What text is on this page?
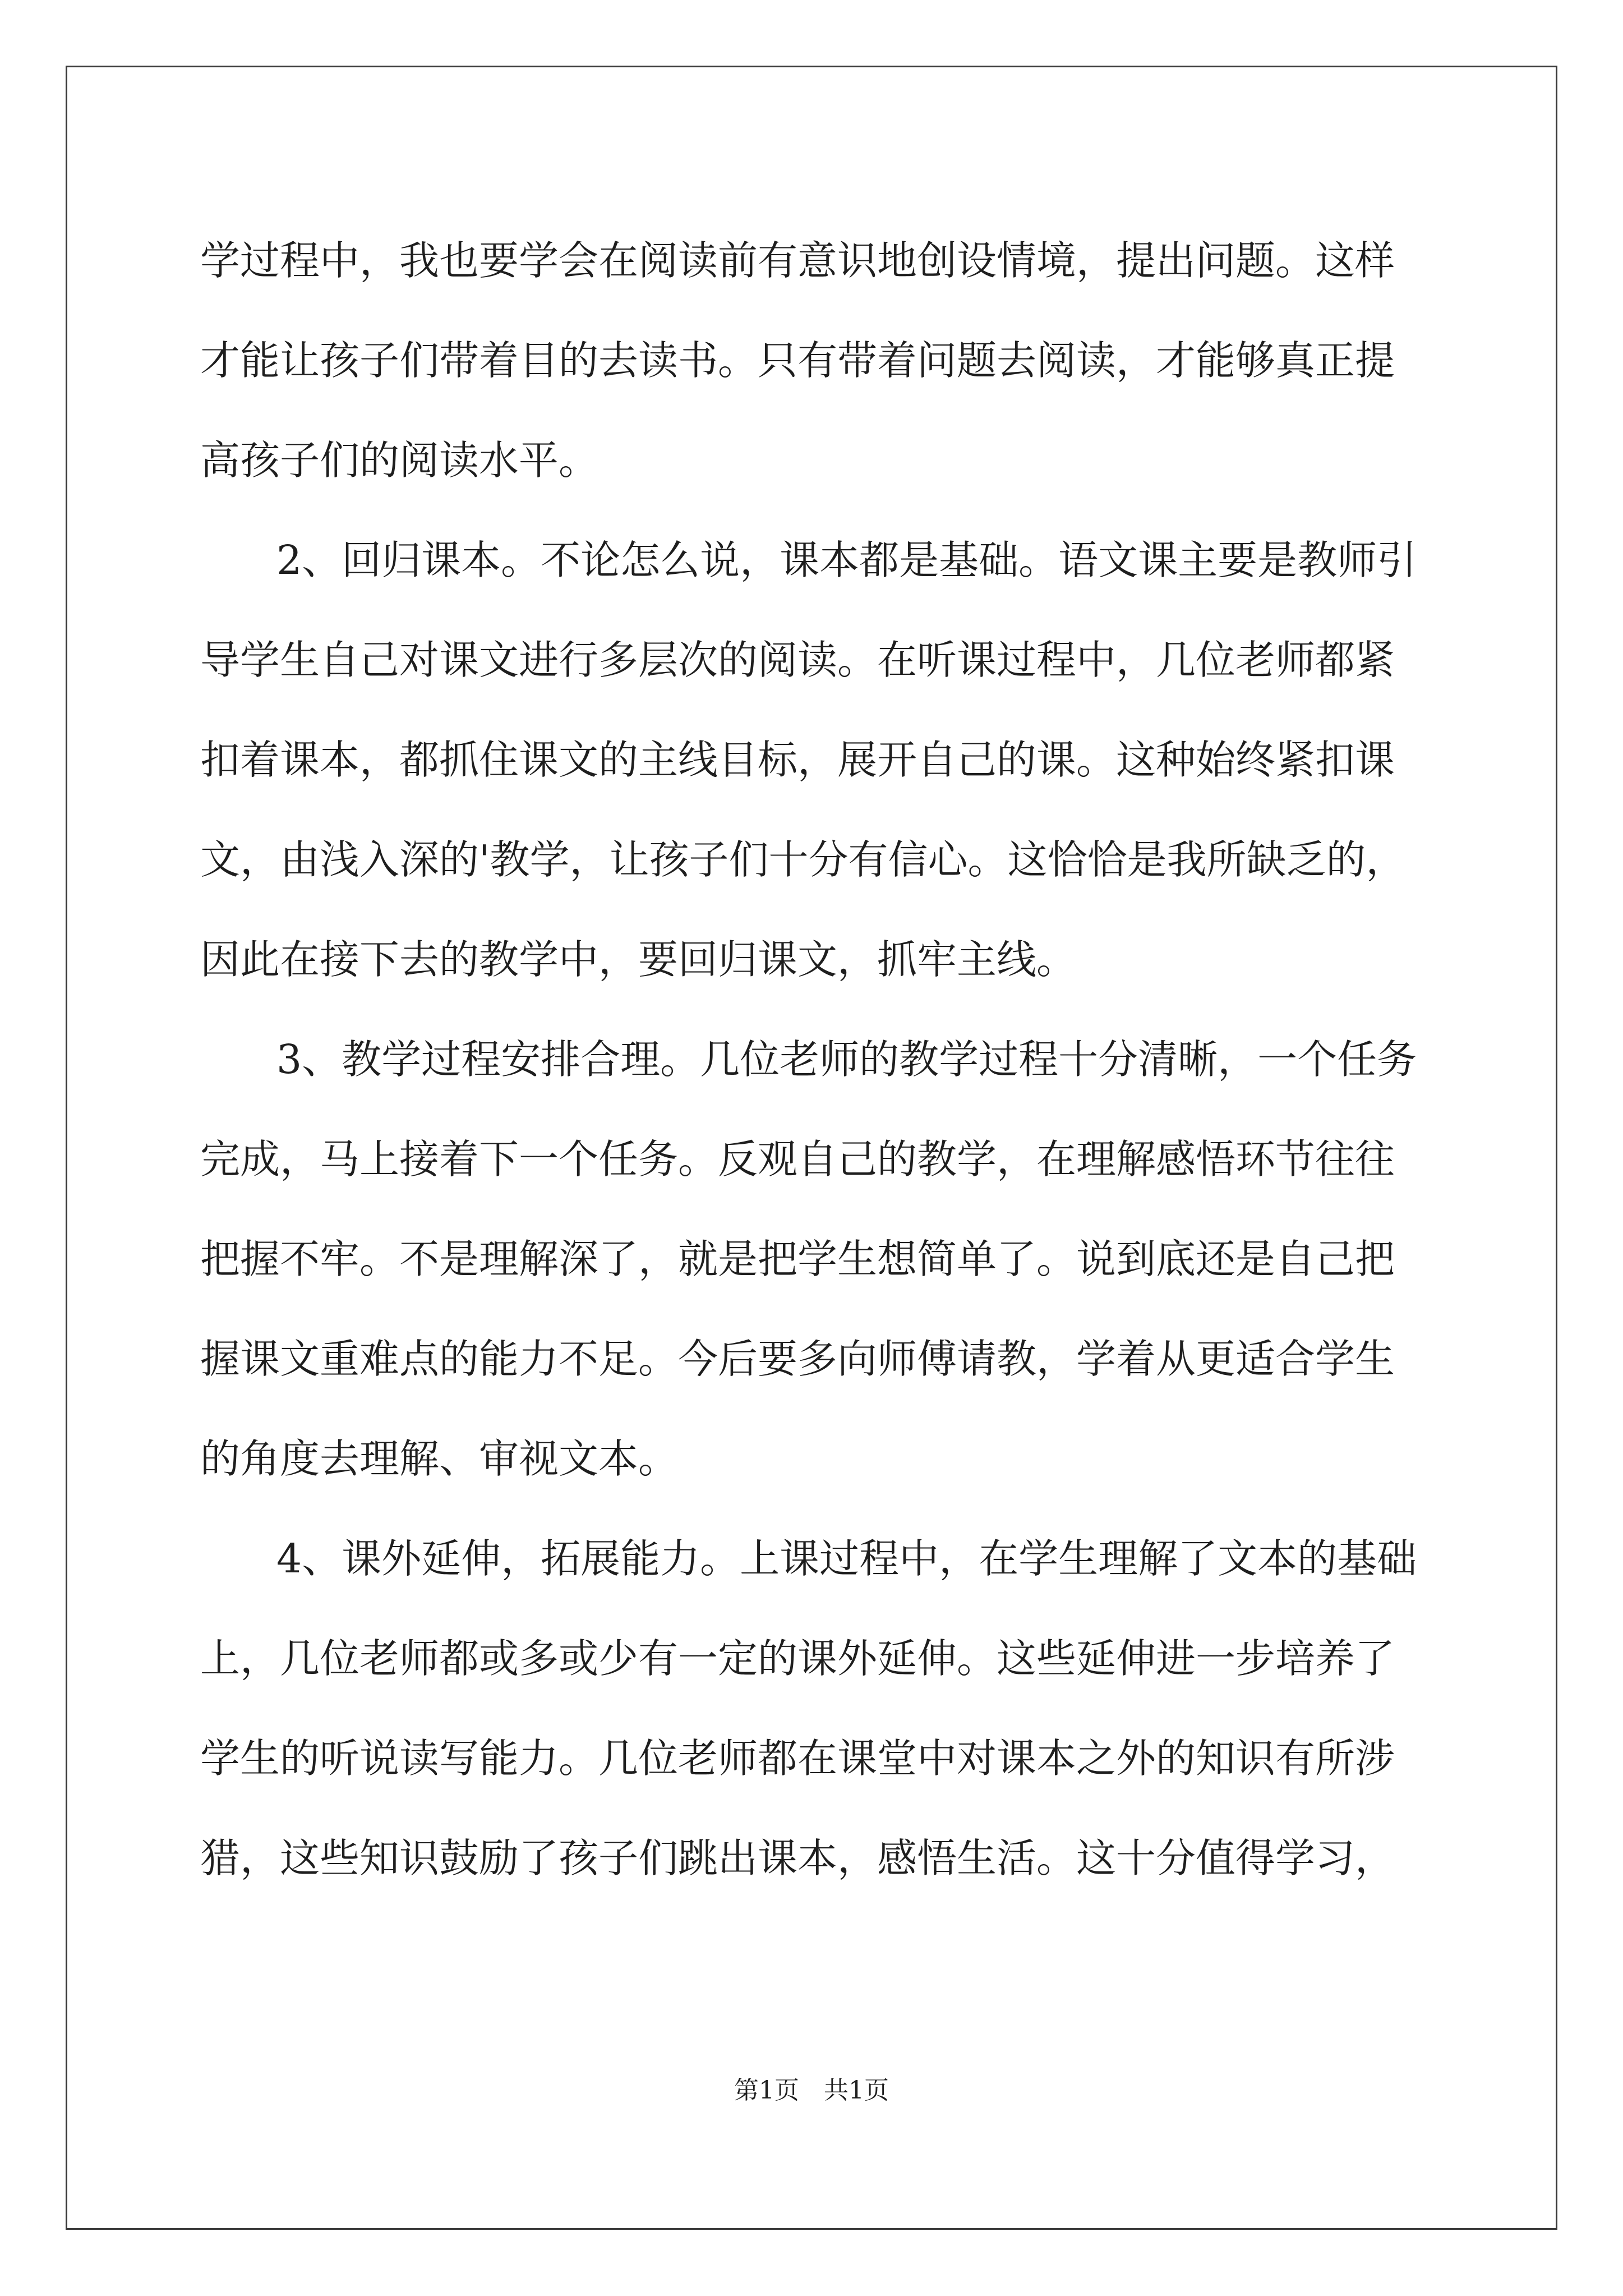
学过程中，我也要学会在阅读前有意识地创设情境，提出问题。这样
才能让孩子们带着目的去读书。只有带着问题去阅读，才能够真正提
高孩子们的阅读水平。
2、回归课本。不论怎么说，课本都是基础。语文课主要是教师引
导学生自己对课文进行多层次的阅读。在听课过程中，几位老师都紧
扣着课本，都抓住课文的主线目标，展开自己的课。这种始终紧扣课
文，由浅入深的'教学，让孩子们十分有信心。这恰恰是我所缺乏的，
因此在接下去的教学中，要回归课文，抓牢主线。
3、教学过程安排合理。几位老师的教学过程十分清晰，一个任务
完成，马上接着下一个任务。反观自己的教学，在理解感悟环节往往
把握不牢。不是理解深了，就是把学生想简单了。说到底还是自己把
握课文重难点的能力不足。今后要多向师傅请教，学着从更适合学生
的角度去理解、审视文本。
4、课外延伸，拓展能力。上课过程中，在学生理解了文本的基础
上，几位老师都或多或少有一定的课外延伸。这些延伸进一步培养了
学生的听说读写能力。几位老师都在课堂中对课本之外的知识有所涉
猎，这些知识鼓励了孩子们跳出课本，感悟生活。这十分值得学习，
第1页 共1页
